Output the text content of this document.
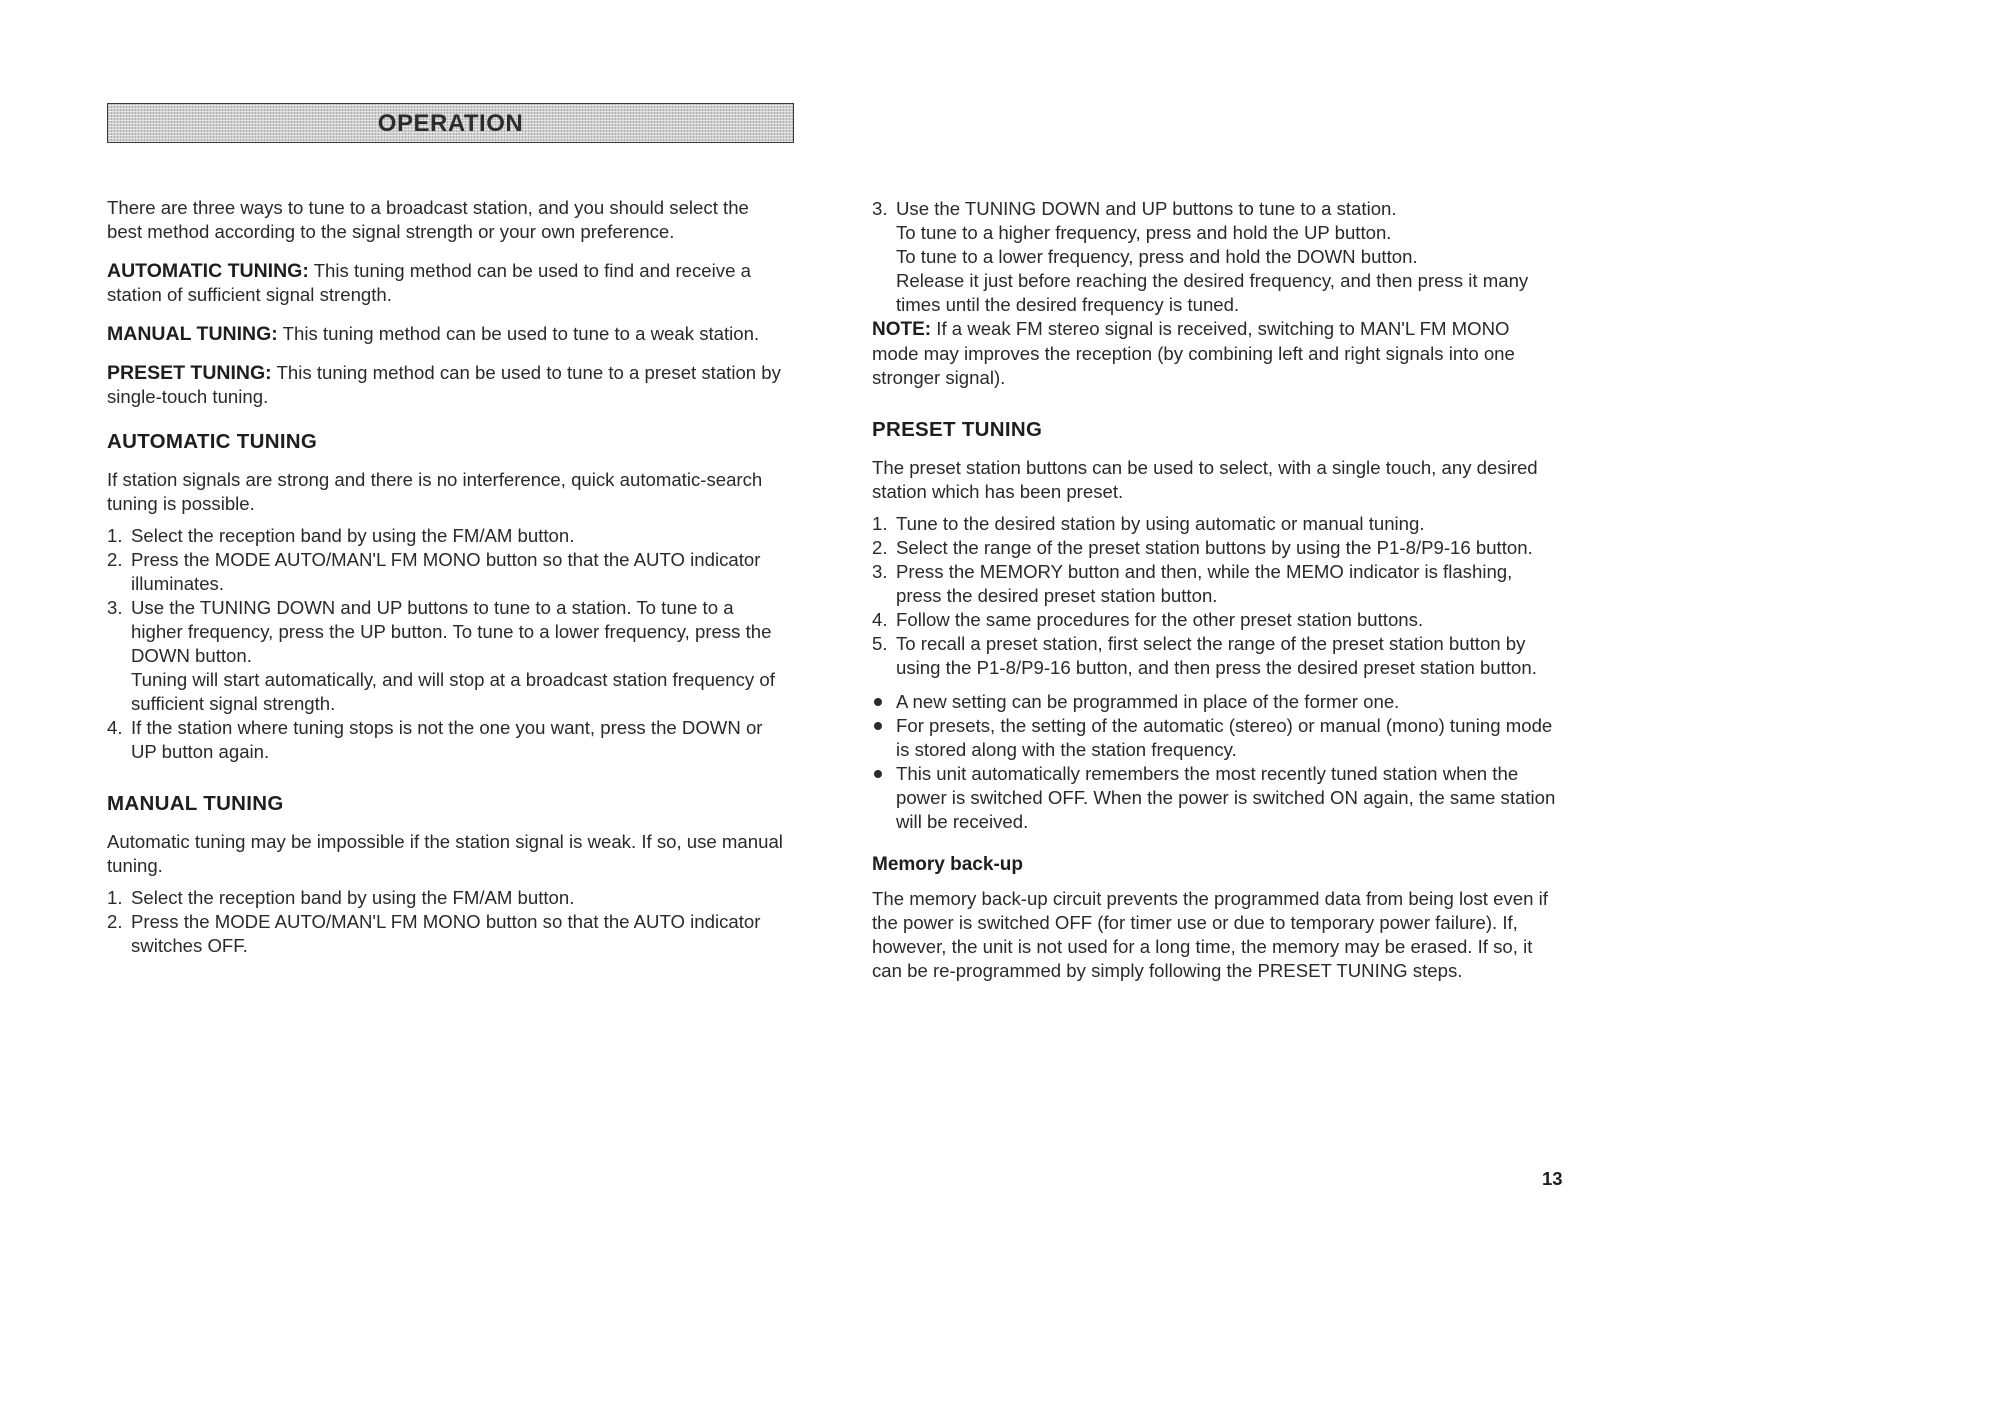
OPERATION

There are three ways to tune to a broadcast station, and you should select the best method according to the signal strength or your own preference.

AUTOMATIC TUNING: This tuning method can be used to find and receive a station of sufficient signal strength.

MANUAL TUNING: This tuning method can be used to tune to a weak station.

PRESET TUNING: This tuning method can be used to tune to a preset station by single-touch tuning.

AUTOMATIC TUNING

If station signals are strong and there is no interference, quick automatic-search tuning is possible.

1. Select the reception band by using the FM/AM button.
2. Press the MODE AUTO/MAN'L FM MONO button so that the AUTO indicator illuminates.
3. Use the TUNING DOWN and UP buttons to tune to a station. To tune to a higher frequency, press the UP button. To tune to a lower frequency, press the DOWN button.
Tuning will start automatically, and will stop at a broadcast station frequency of sufficient signal strength.
4. If the station where tuning stops is not the one you want, press the DOWN or UP button again.
MANUAL TUNING

Automatic tuning may be impossible if the station signal is weak. If so, use manual tuning.

1. Select the reception band by using the FM/AM button.
2. Press the MODE AUTO/MAN'L FM MONO button so that the AUTO indicator switches OFF.
3. Use the TUNING DOWN and UP buttons to tune to a station.
To tune to a higher frequency, press and hold the UP button.
To tune to a lower frequency, press and hold the DOWN button.
Release it just before reaching the desired frequency, and then press it many times until the desired frequency is tuned.

NOTE: If a weak FM stereo signal is received, switching to MAN'L FM MONO mode may improves the reception (by combining left and right signals into one stronger signal).

PRESET TUNING

The preset station buttons can be used to select, with a single touch, any desired station which has been preset.

1. Tune to the desired station by using automatic or manual tuning.
2. Select the range of the preset station buttons by using the P1-8/P9-16 button.
3. Press the MEMORY button and then, while the MEMO indicator is flashing, press the desired preset station button.
4. Follow the same procedures for the other preset station buttons.
5. To recall a preset station, first select the range of the preset station button by using the P1-8/P9-16 button, and then press the desired preset station button.
A new setting can be programmed in place of the former one.
For presets, the setting of the automatic (stereo) or manual (mono) tuning mode is stored along with the station frequency.
This unit automatically remembers the most recently tuned station when the power is switched OFF. When the power is switched ON again, the same station will be received.
Memory back-up

The memory back-up circuit prevents the programmed data from being lost even if the power is switched OFF (for timer use or due to temporary power failure). If, however, the unit is not used for a long time, the memory may be erased. If so, it can be re-programmed by simply following the PRESET TUNING steps.

13
